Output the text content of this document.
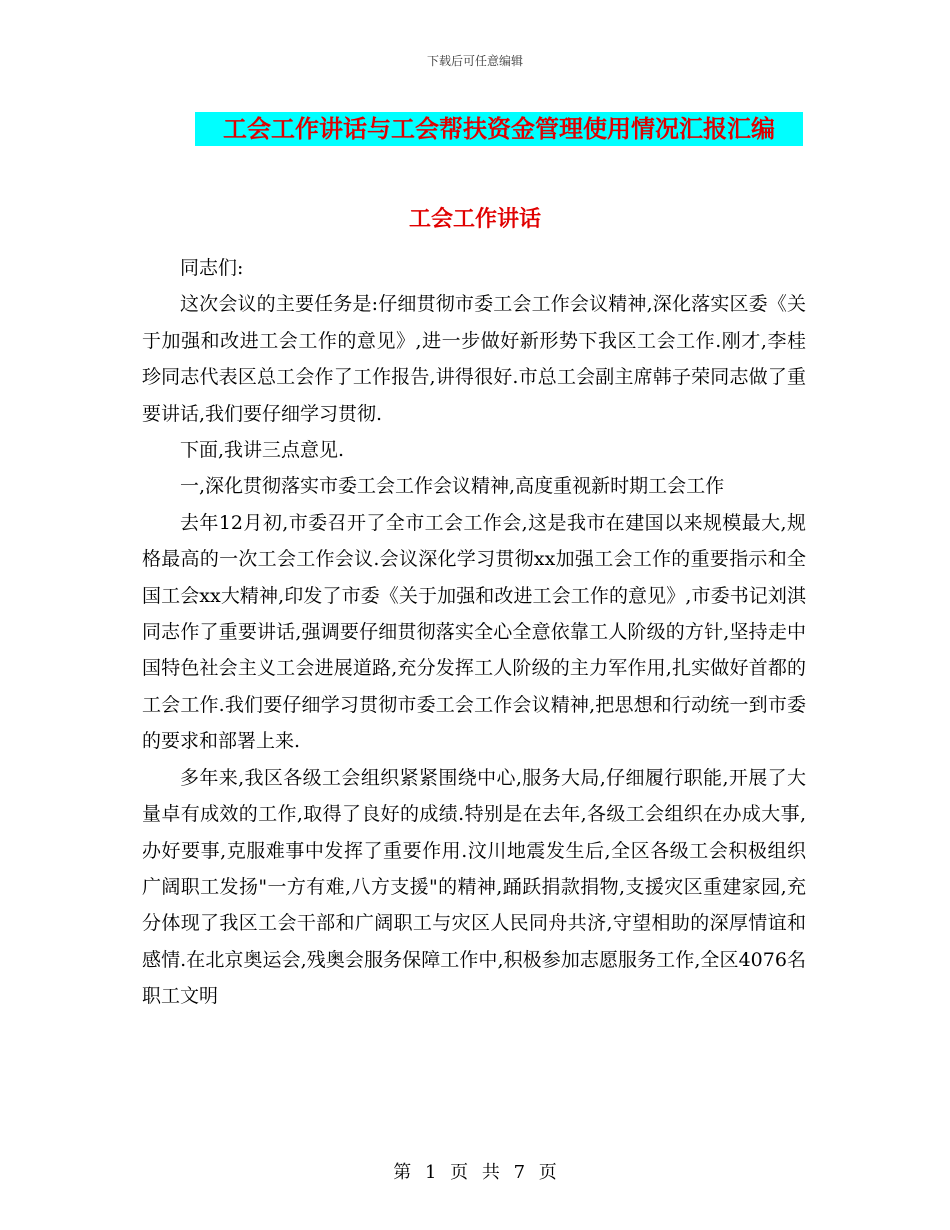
下载后可任意编辑
工会工作讲话与工会帮扶资金管理使用情况汇报汇编
工会工作讲话

同志们:

这次会议的主要任务是:仔细贯彻市委工会工作会议精神,深化落实区委《关于加强和改进工会工作的意见》,进一步做好新形势下我区工会工作.刚才,李桂珍同志代表区总工会作了工作报告,讲得很好.市总工会副主席韩子荣同志做了重要讲话,我们要仔细学习贯彻.

下面,我讲三点意见.

一,深化贯彻落实市委工会工作会议精神,高度重视新时期工会工作

去年12月初,市委召开了全市工会工作会,这是我市在建国以来规模最大,规格最高的一次工会工作会议.会议深化学习贯彻xx加强工会工作的重要指示和全国工会xx大精神,印发了市委《关于加强和改进工会工作的意见》,市委书记刘淇同志作了重要讲话,强调要仔细贯彻落实全心全意依靠工人阶级的方针,坚持走中国特色社会主义工会进展道路,充分发挥工人阶级的主力军作用,扎实做好首都的工会工作.我们要仔细学习贯彻市委工会工作会议精神,把思想和行动统一到市委的要求和部署上来.

多年来,我区各级工会组织紧紧围绕中心,服务大局,仔细履行职能,开展了大量卓有成效的工作,取得了良好的成绩.特别是在去年,各级工会组织在办成大事,办好要事,克服难事中发挥了重要作用.汶川地震发生后,全区各级工会积极组织广阔职工发扬"一方有难,八方支援"的精神,踊跃捐款捐物,支援灾区重建家园,充分体现了我区工会干部和广阔职工与灾区人民同舟共济,守望相助的深厚情谊和感情.在北京奥运会,残奥会服务保障工作中,积极参加志愿服务工作,全区4076名职工文明

第 1 页 共 7 页
